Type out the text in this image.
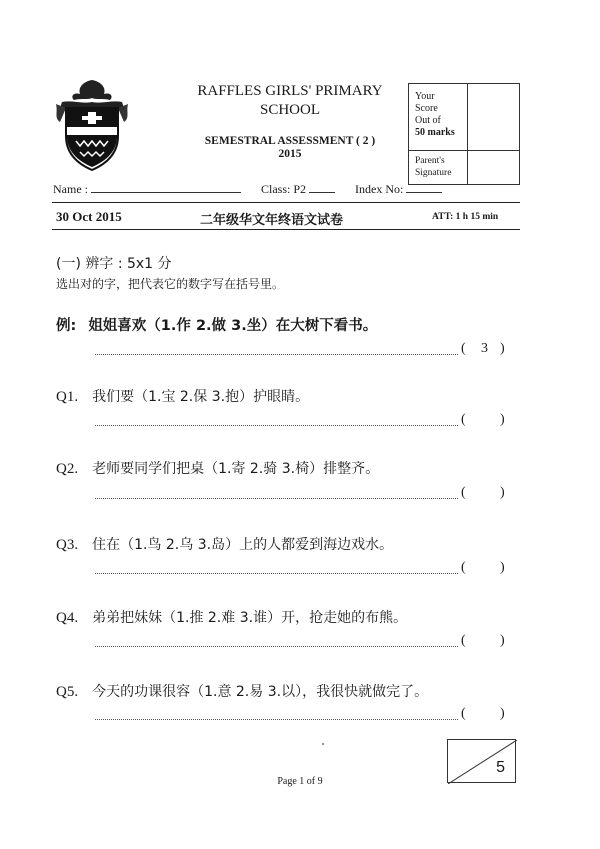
RAFFLES GIRLS' PRIMARY
SCHOOL
SEMESTRAL ASSESSMENT ( 2 )
2015
Your
Score
Out of
50 marks
Parent's
Signature
Name :	Class: P2	Index No:
30 Oct 2015	二年级华文年终语文试卷	ATT: 1 h 15 min
(一) 辨字 : 5x1 分
选出对的字，把代表它的数字写在括号里。
例: 姐姐喜欢（1.作 2.做 3.坐）在大树下看书。
( 3 )
Q1. 我们要（1.宝 2.保 3.抱）护眼睛。
( )
Q2. 老师要同学们把桌（1.寄 2.骑 3.椅）排整齐。
( )
Q3. 住在（1.鸟 2.乌 3.岛）上的人都爱到海边戏水。
( )
Q4. 弟弟把妹妹（1.推 2.难 3.谁）开，抢走她的布熊。
( )
Q5. 今天的功课很容（1.意 2.易 3.以），我很快就做完了。
( )
Page 1 of 9
5
